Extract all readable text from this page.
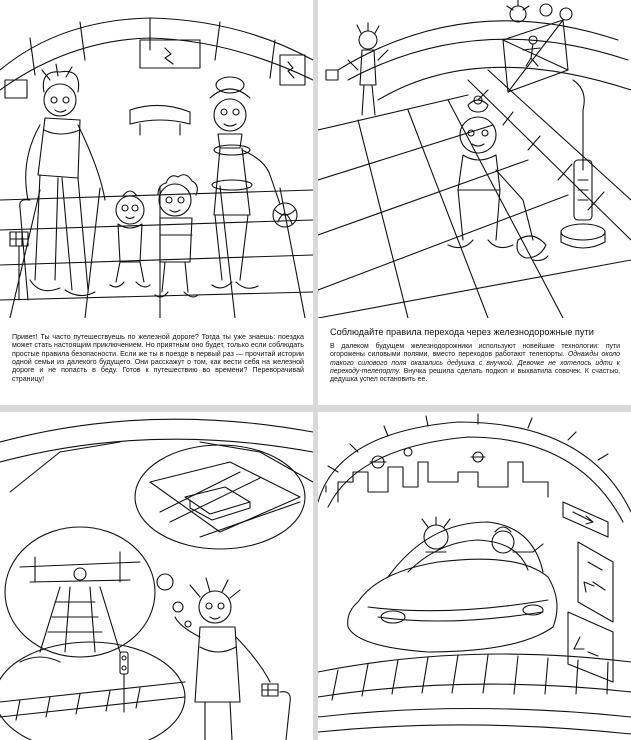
Привет! Ты часто путешествуешь по железной дороге? Тогда ты уже знаешь: поездка может стать настоящим приключением. Но приятным оно будет, только если соблюдать простые правила безопасности. Если же ты в поезде в первый раз — прочитай истории одной семьи из далекого будущего. Они расскажут о том, как вести себя на железной дороге и не попасть в беду. Готов к путешествию во времени? Переворачивай страницу!
Соблюдайте правила перехода через железнодорожные пути
В далеком будущем железнодорожники используют новейшие технологии: пути огорожены силовыми полями, вместо переходов работают телепорты. Однажды около такого силового поля оказались дедушка с внучкой. Девочке не хотелось идти к переходу-телепорту. Внучка решила сделать подкоп и выхватила совочек. К счастью, дедушка успел остановить ее.
